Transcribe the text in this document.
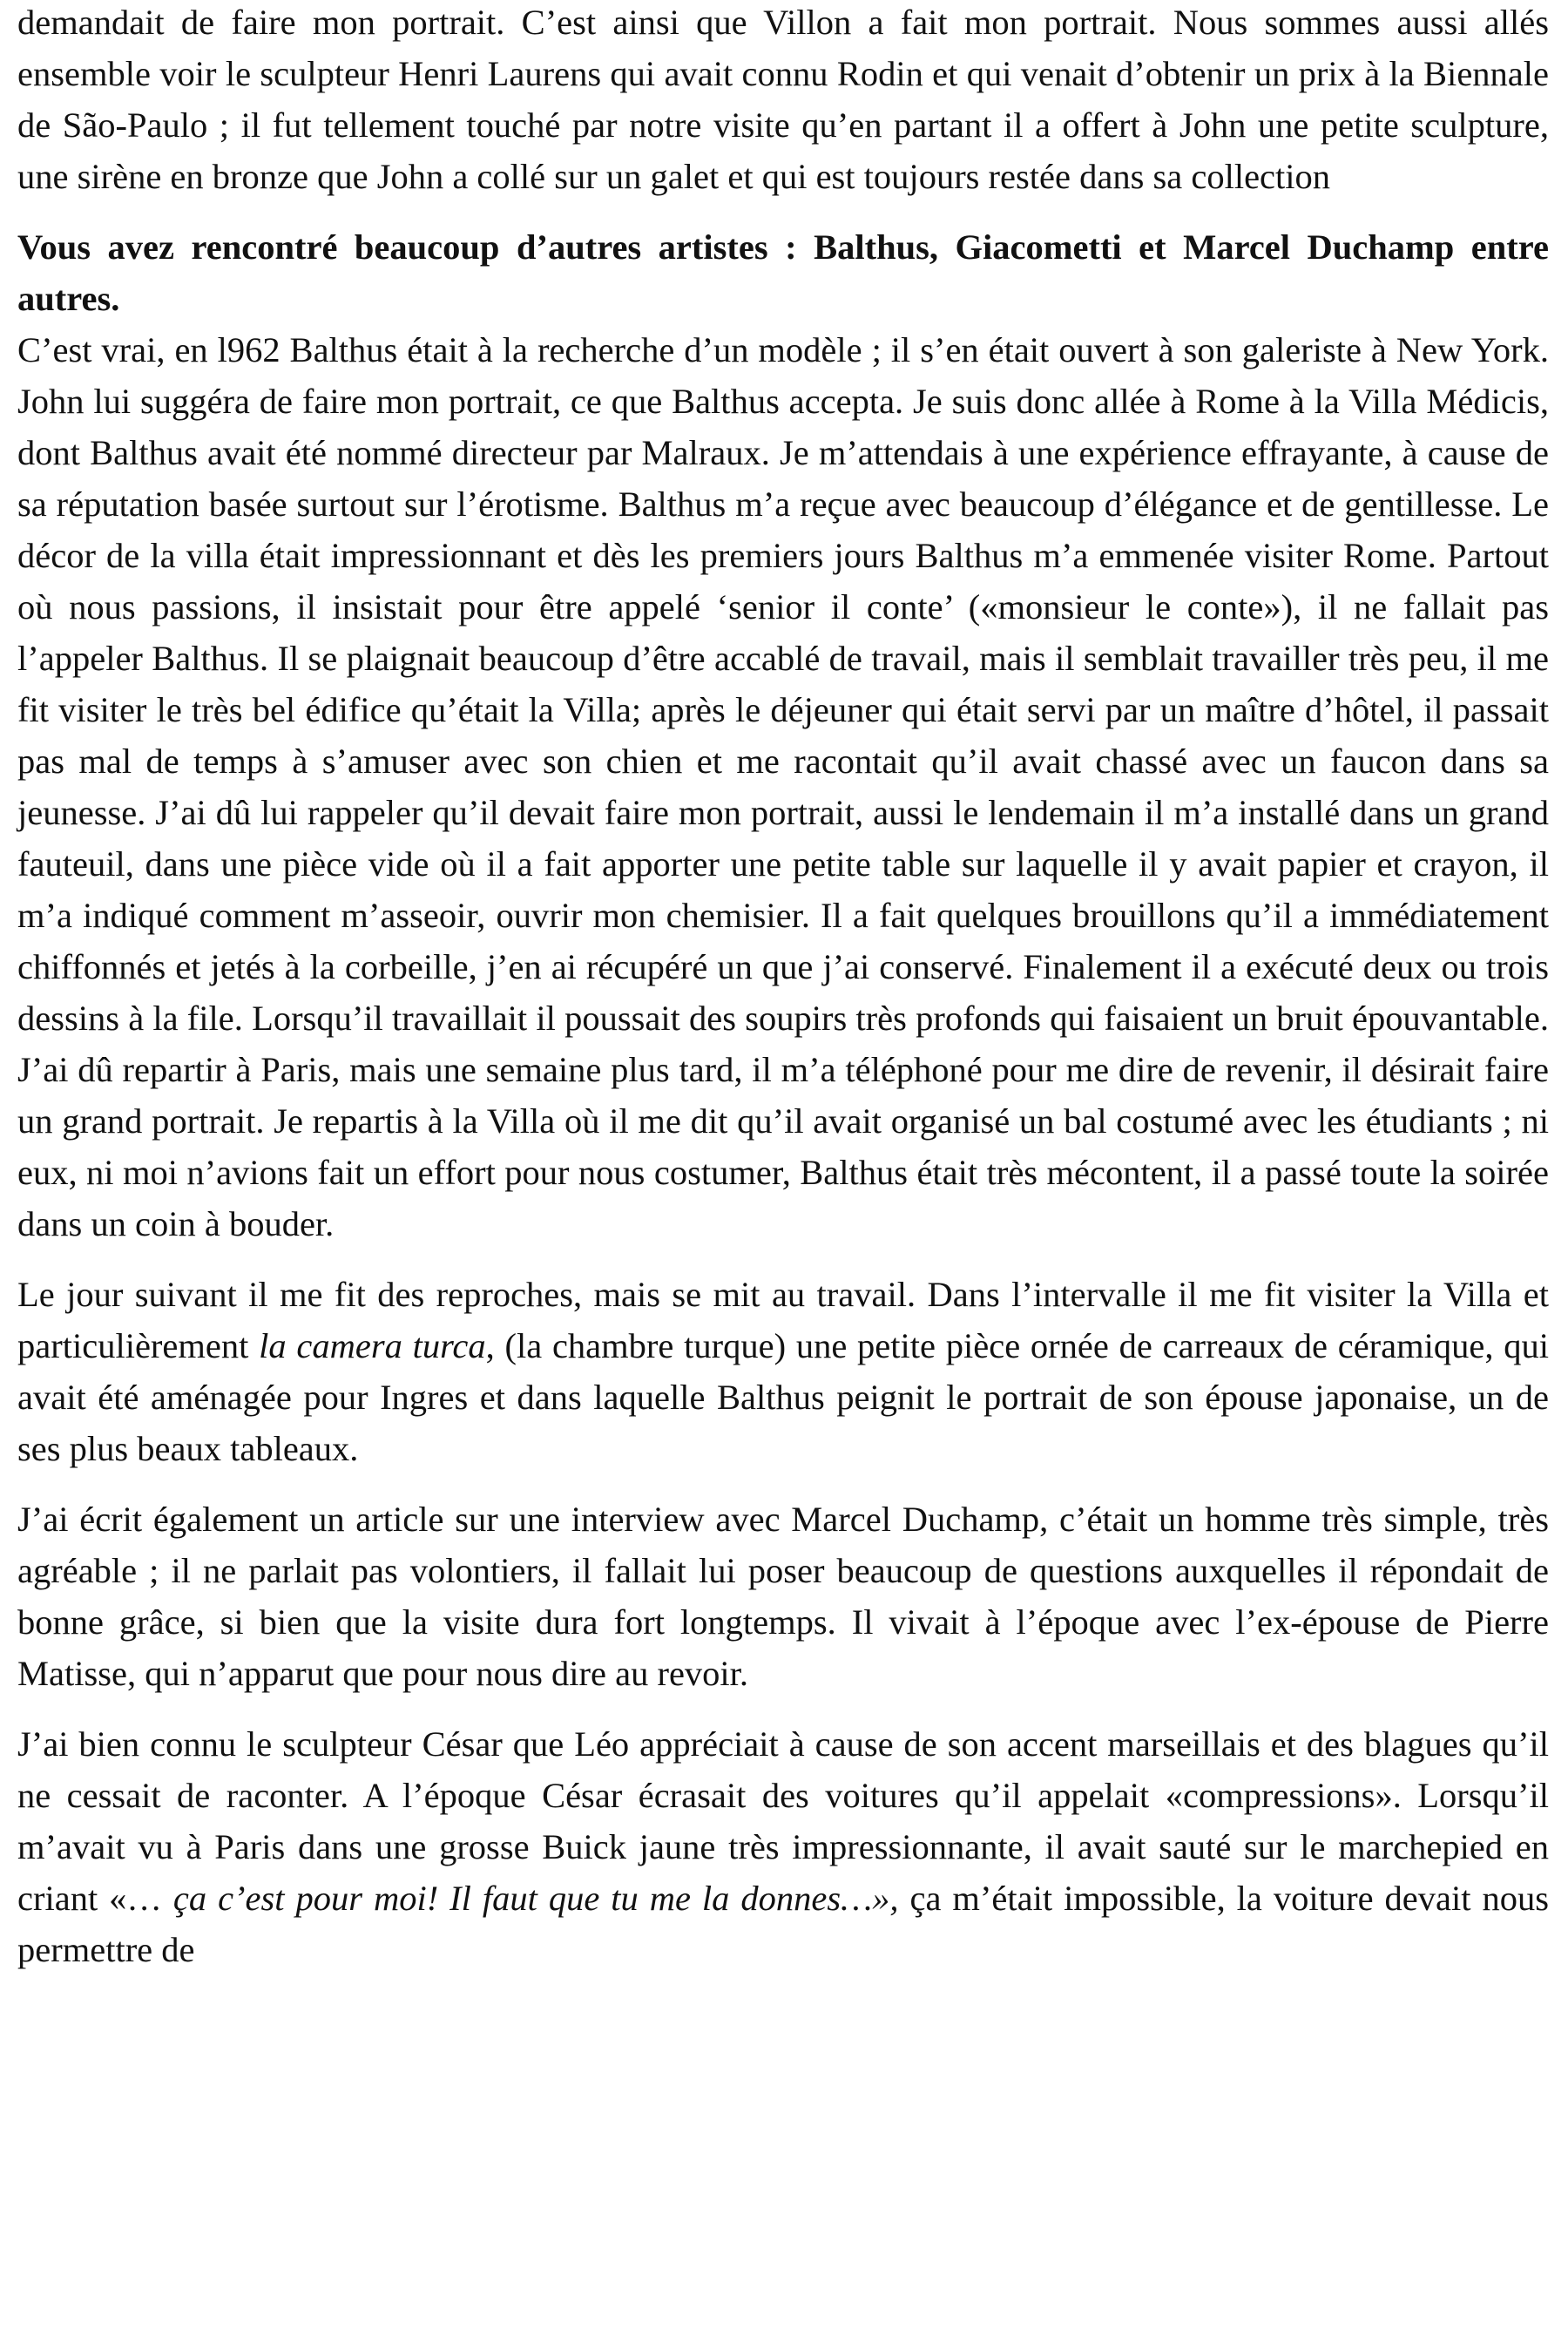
demandait de faire mon portrait. C’est ainsi que Villon a fait mon portrait. Nous sommes aussi allés ensemble voir le sculpteur Henri Laurens qui avait connu Rodin et qui venait d’obtenir un prix à la Biennale de São-Paulo ; il fut tellement touché par notre visite qu’en partant il a offert à John une petite sculpture, une sirène en bronze que John a collé sur un galet et qui est toujours restée dans sa collection

Vous avez rencontré beaucoup d’autres artistes : Balthus, Giacometti et Marcel Duchamp entre autres.

C’est vrai, en l962 Balthus était à la recherche d’un modèle ; il s’en était ouvert à son galeriste à New York. John lui suggéra de faire mon portrait, ce que Balthus accepta. Je suis donc allée à Rome à la Villa Médicis, dont Balthus avait été nommé directeur par Malraux. Je m’attendais à une expérience effrayante, à cause de sa réputation basée surtout sur l’érotisme. Balthus m’a reçue avec beaucoup d’élégance et de gentillesse. Le décor de la villa était impressionnant et dès les premiers jours Balthus m’a emmenée visiter Rome. Partout où nous passions, il insistait pour être appelé ‘senior il conte’ («monsieur le conte»), il ne fallait pas l’appeler Balthus. Il se plaignait beaucoup d’être accablé de travail, mais il semblait travailler très peu, il me fit visiter le très bel édifice qu’était la Villa; après le déjeuner qui était servi par un maître d’hôtel, il passait pas mal de temps à s’amuser avec son chien et me racontait qu’il avait chassé avec un faucon dans sa jeunesse. J’ai dû lui rappeler qu’il devait faire mon portrait, aussi le lendemain il m’a installé dans un grand fauteuil, dans une pièce vide où il a fait apporter une petite table sur laquelle il y avait papier et crayon, il m’a indiqué comment m’asseoir, ouvrir mon chemisier. Il a fait quelques brouillons qu’il a immédiatement chiffonnés et jetés à la corbeille, j’en ai récupéré un que j’ai conservé. Finalement il a exécuté deux ou trois dessins à la file. Lorsqu’il travaillait il poussait des soupirs très profonds qui faisaient un bruit épouvantable. J’ai dû repartir à Paris, mais une semaine plus tard, il m’a téléphoné pour me dire de revenir, il désirait faire un grand portrait. Je repartis à la Villa où il me dit qu’il avait organisé un bal costumé avec les étudiants ; ni eux, ni moi n’avions fait un effort pour nous costumer, Balthus était très mécontent, il a passé toute la soirée dans un coin à bouder.

Le jour suivant il me fit des reproches, mais se mit au travail. Dans l’intervalle il me fit visiter la Villa et particulièrement la camera turca, (la chambre turque) une petite pièce ornée de carreaux de céramique, qui avait été aménagée pour Ingres et dans laquelle Balthus peignit le portrait de son épouse japonaise, un de ses plus beaux tableaux.

J’ai écrit également un article sur une interview avec Marcel Duchamp, c’était un homme très simple, très agréable ; il ne parlait pas volontiers, il fallait lui poser beaucoup de questions auxquelles il répondait de bonne grâce, si bien que la visite dura fort longtemps. Il vivait à l’époque avec l’ex-épouse de Pierre Matisse, qui n’apparut que pour nous dire au revoir.

J’ai bien connu le sculpteur César que Léo appréciait à cause de son accent marseillais et des blagues qu’il ne cessait de raconter. A l’époque César écrasait des voitures qu’il appelait «compressions». Lorsqu’il m’avait vu à Paris dans une grosse Buick jaune très impressionnante, il avait sauté sur le marchepied en criant «… ça c’est pour moi! Il faut que tu me la donnes…», ça m’était impossible, la voiture devait nous permettre de
